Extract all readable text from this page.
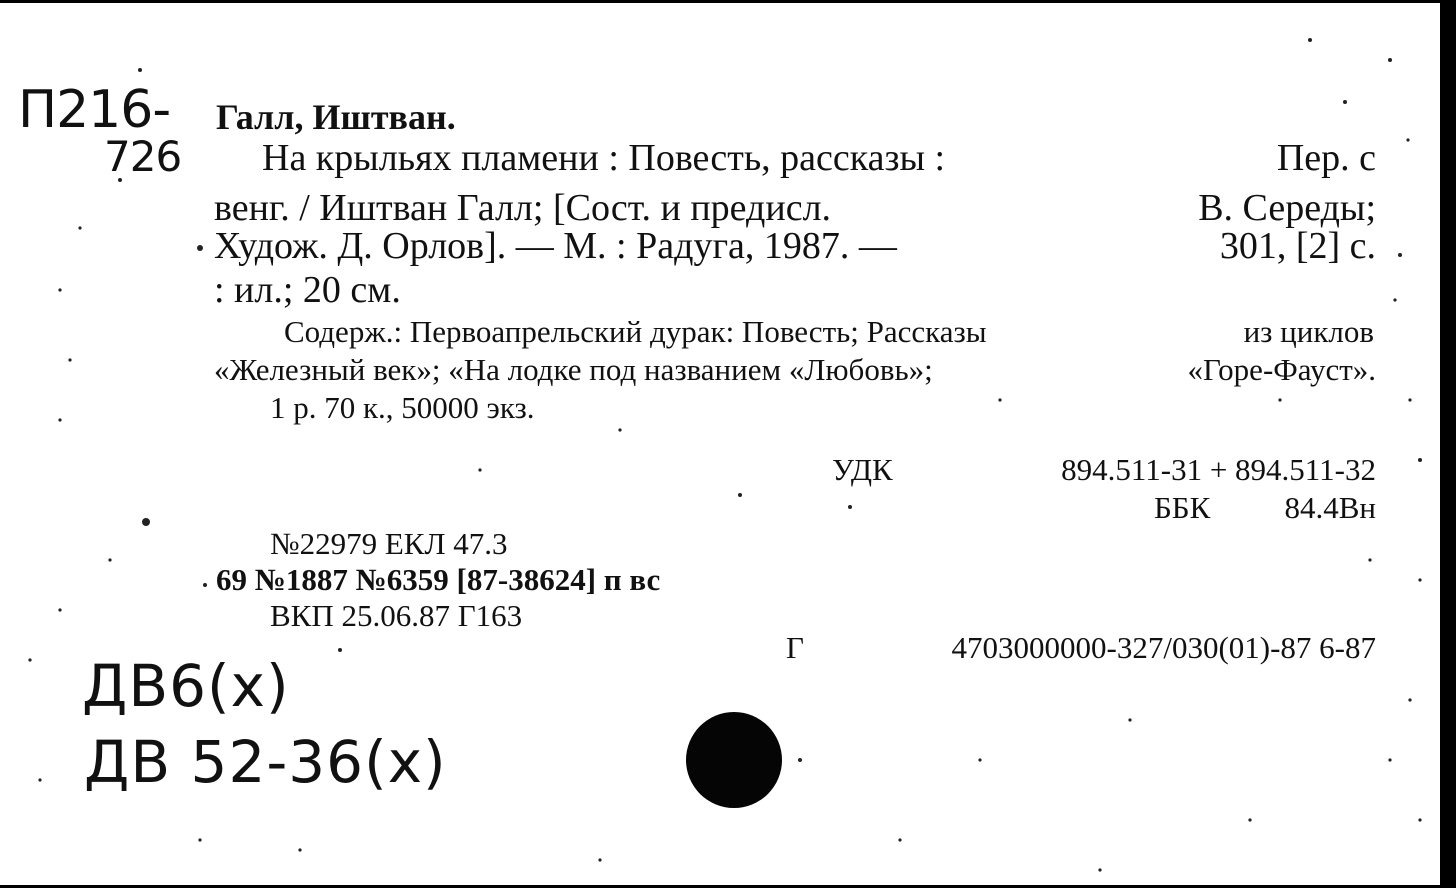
П216-
726
Галл, Иштван.
На крыльях пламени : Повесть, рассказы :	Пер. с
венг. / Иштван Галл; [Сост. и предисл.	В. Середы;
Худож. Д. Орлов]. — М. : Радуга, 1987. —	301, [2] с.
: ил.; 20 см.
Содерж.: Первоапрельский дурак: Повесть; Рассказы	из циклов
«Железный век»; «На лодке под названием «Любовь»;	«Горе-Фауст».
1 р. 70 к., 50000 экз.
УДК	894.511-31 + 894.511-32
ББК 84.4Вн
№22979 ЕКЛ 47.3
69 №1887 №6359 [87-38624] п вс
ВКП 25.06.87 Г163
Г	4703000000-327/030(01)-87 6-87
ДВ6(х)
ДВ 52-36(х)
